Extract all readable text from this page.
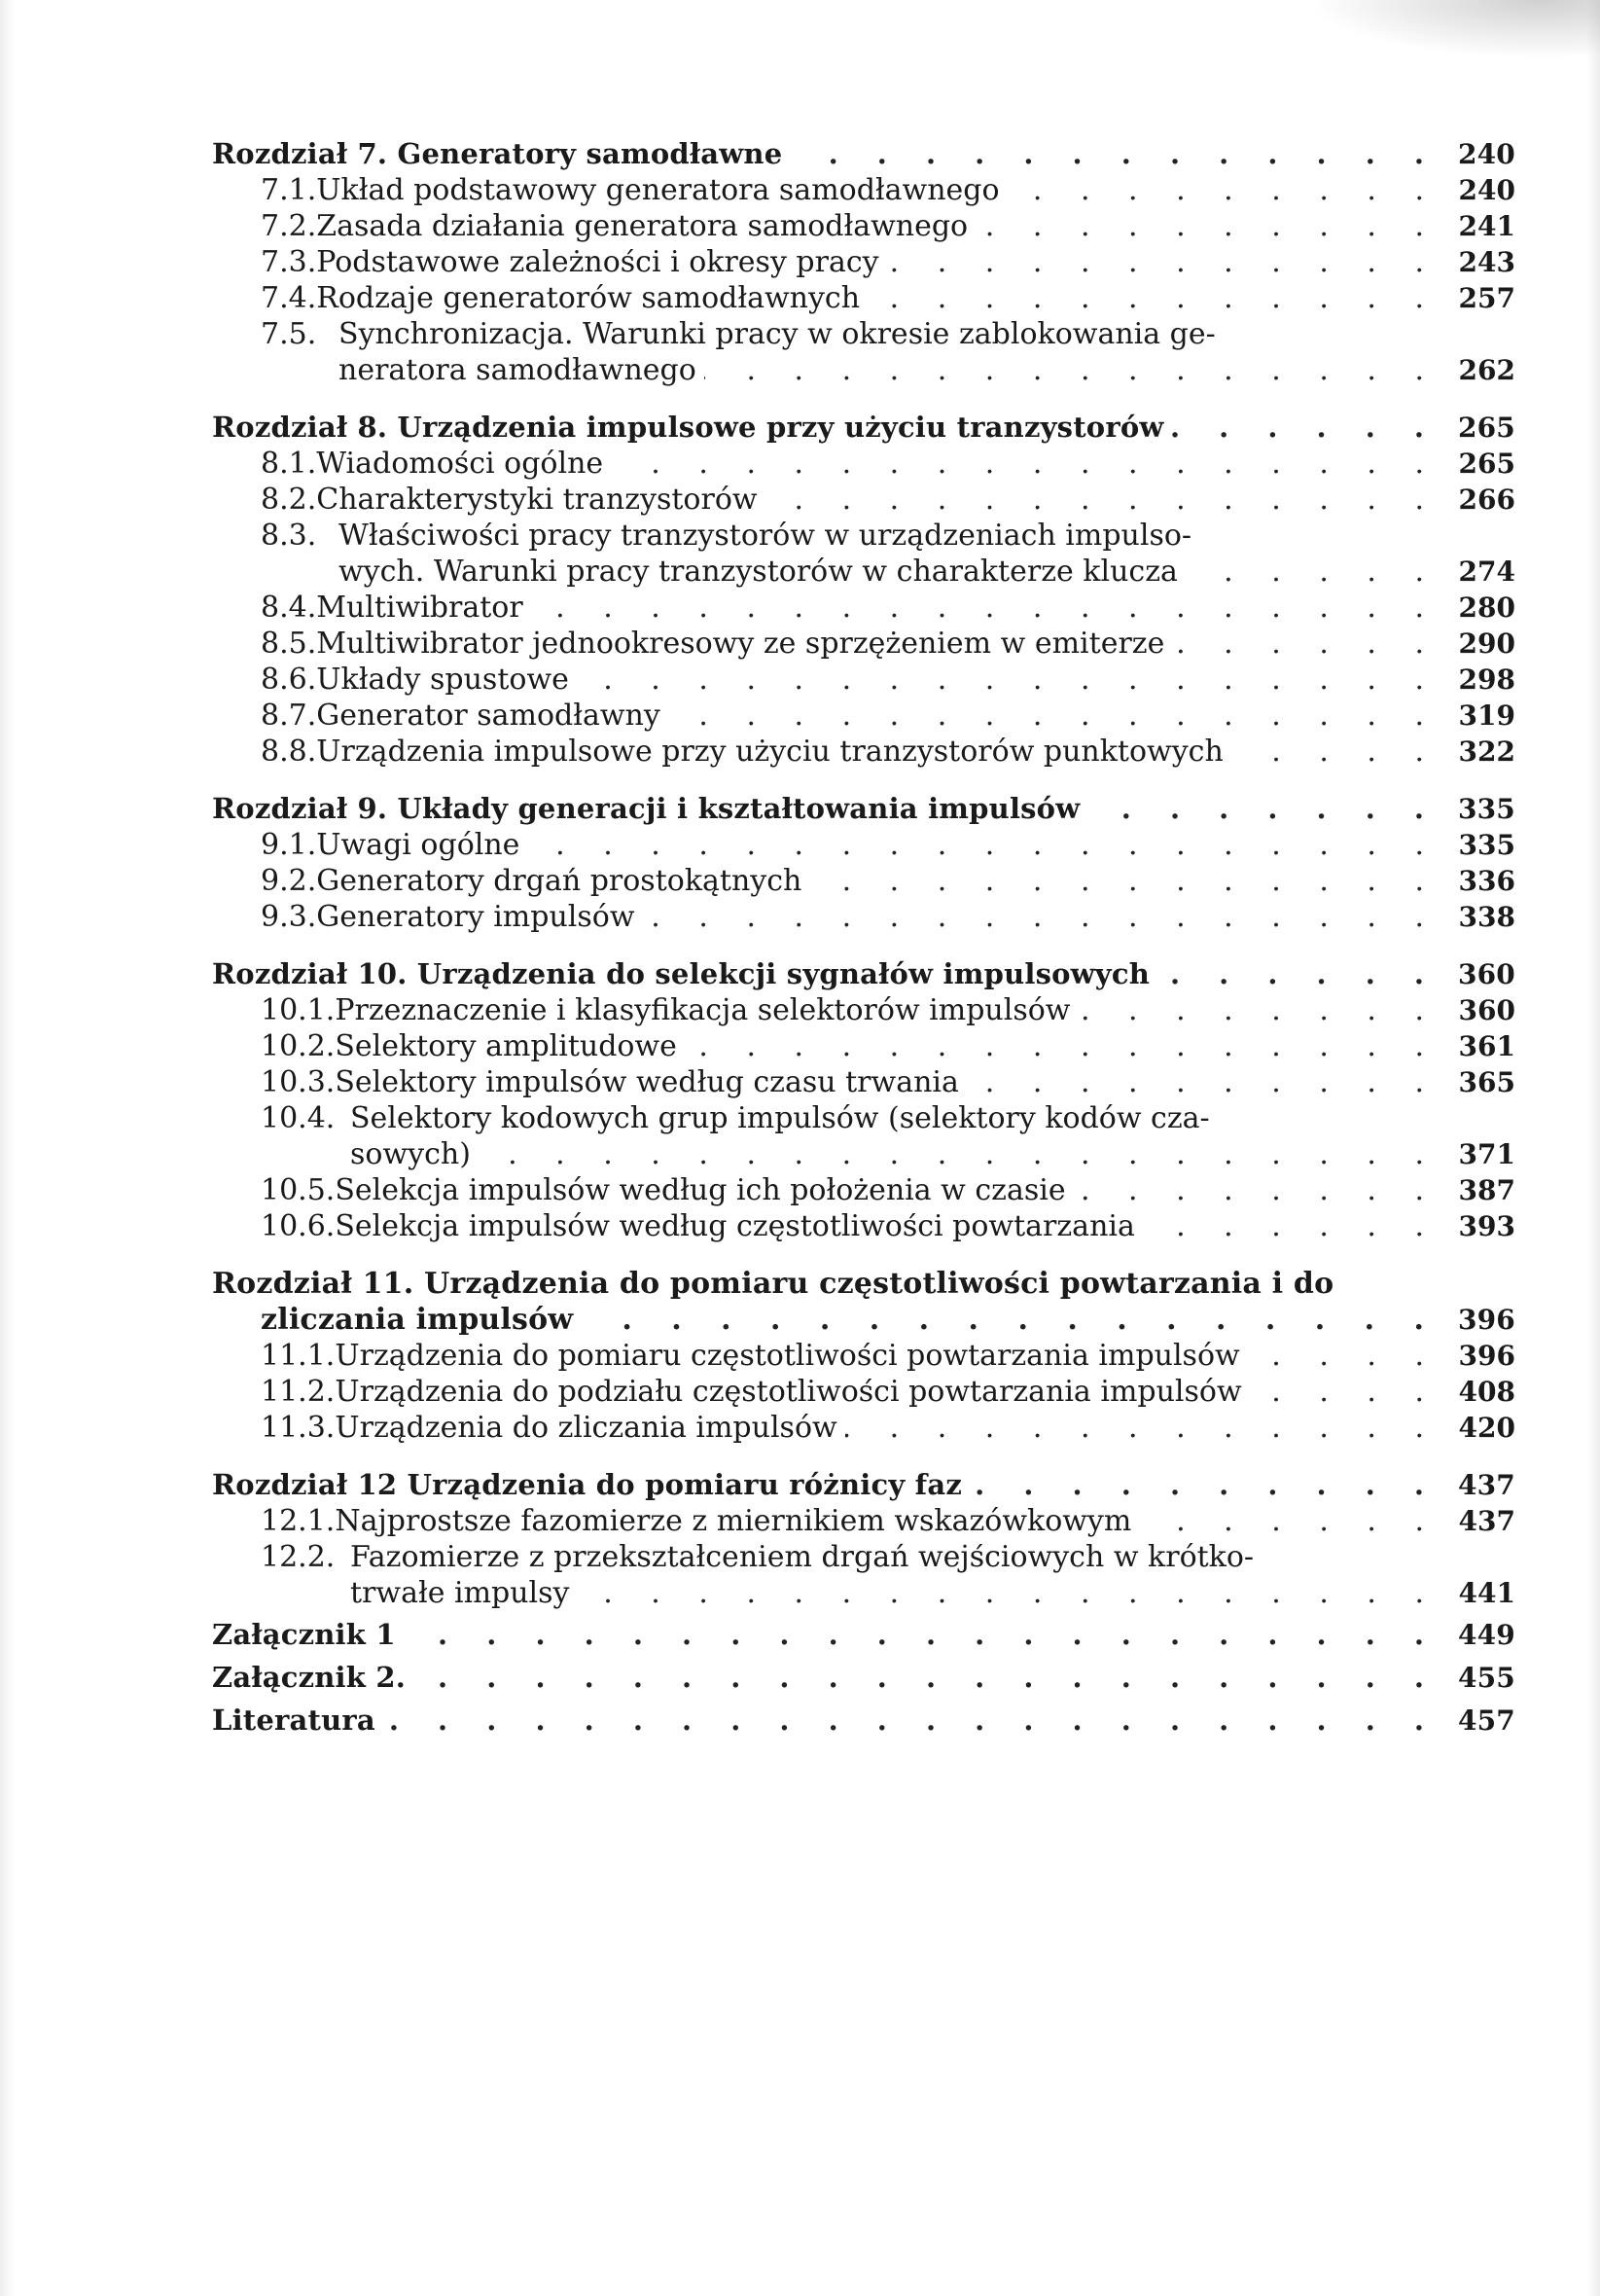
Rozdział 7.
Generatory samodławne . . .	240
7.1. Układ podstawowy generatora samodławnego . . .	240
7.2. Zasada działania generatora samodławnego . . .	241
7.3. Podstawowe zależności i okresy pracy . . .	243
7.4. Rodzaje generatorów samodławnych . . .	257
7.5. Synchronizacja. Warunki pracy w okresie zablokowania ge-
neratora samodławnego . . .	262
Rozdział 8.
Urządzenia impulsowe przy użyciu tranzystorów . . .	265
8.1. Wiadomości ogólne . . .	265
8.2. Charakterystyki tranzystorów . . .	266
8.3. Właściwości pracy tranzystorów w urządzeniach impulso-
wych. Warunki pracy tranzystorów w charakterze klucza . . .	274
8.4. Multiwibrator . . .	280
8.5. Multiwibrator jednookresowy ze sprzężeniem w emiterze . . .	290
8.6. Układy spustowe . . .	298
8.7. Generator samodławny . . .	319
8.8. Urządzenia impulsowe przy użyciu tranzystorów punktowych . . .	322
Rozdział 9.
Układy generacji i kształtowania impulsów . . .	335
9.1. Uwagi ogólne . . .	335
9.2. Generatory drgań prostokątnych . . .	336
9.3. Generatory impulsów . . .	338
Rozdział 10.
Urządzenia do selekcji sygnałów impulsowych . . .	360
10.1. Przeznaczenie i klasyfikacja selektorów impulsów . . .	360
10.2. Selektory amplitudowe . . .	361
10.3. Selektory impulsów według czasu trwania . . .	365
10.4. Selektory kodowych grup impulsów (selektory kodów cza-
sowych) . . .	371
10.5. Selekcja impulsów według ich położenia w czasie . . .	387
10.6. Selekcja impulsów według częstotliwości powtarzania . . .	393
Rozdział 11.
Urządzenia do pomiaru częstotliwości powtarzania i do
zliczania impulsów . . .	396
11.1. Urządzenia do pomiaru częstotliwości powtarzania impulsów . . .	396
11.2. Urządzenia do podziału częstotliwości powtarzania impulsów . . .	408
11.3. Urządzenia do zliczania impulsów . . .	420
Rozdział 12
Urządzenia do pomiaru różnicy faz . . .	437
12.1. Najprostsze fazomierze z miernikiem wskazówkowym . . .	437
12.2. Fazomierze z przekształceniem drgań wejściowych w krótko-
trwałe impulsy . . .	441
Załącznik 1 . . .	449
Załącznik 2. . . .	455
Literatura . . .	457
